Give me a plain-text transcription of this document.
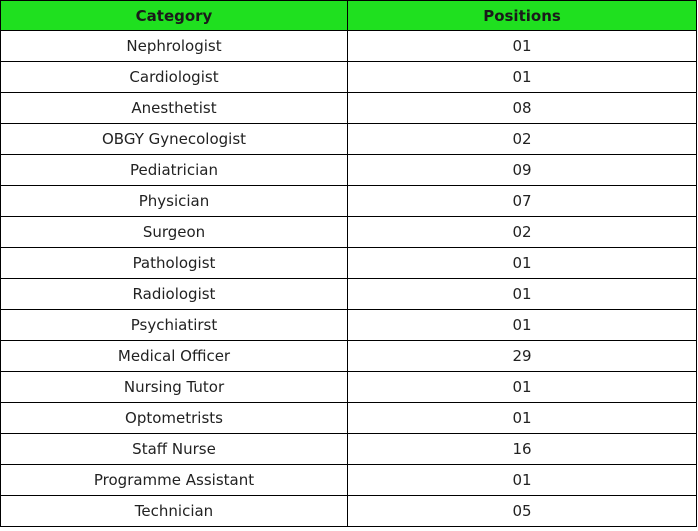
Category	Positions
Nephrologist	01
Cardiologist	01
Anesthetist	08
OBGY Gynecologist	02
Pediatrician	09
Physician	07
Surgeon	02
Pathologist	01
Radiologist	01
Psychiatirst	01
Medical Officer	29
Nursing Tutor	01
Optometrists	01
Staff Nurse	16
Programme Assistant	01
Technician	05
